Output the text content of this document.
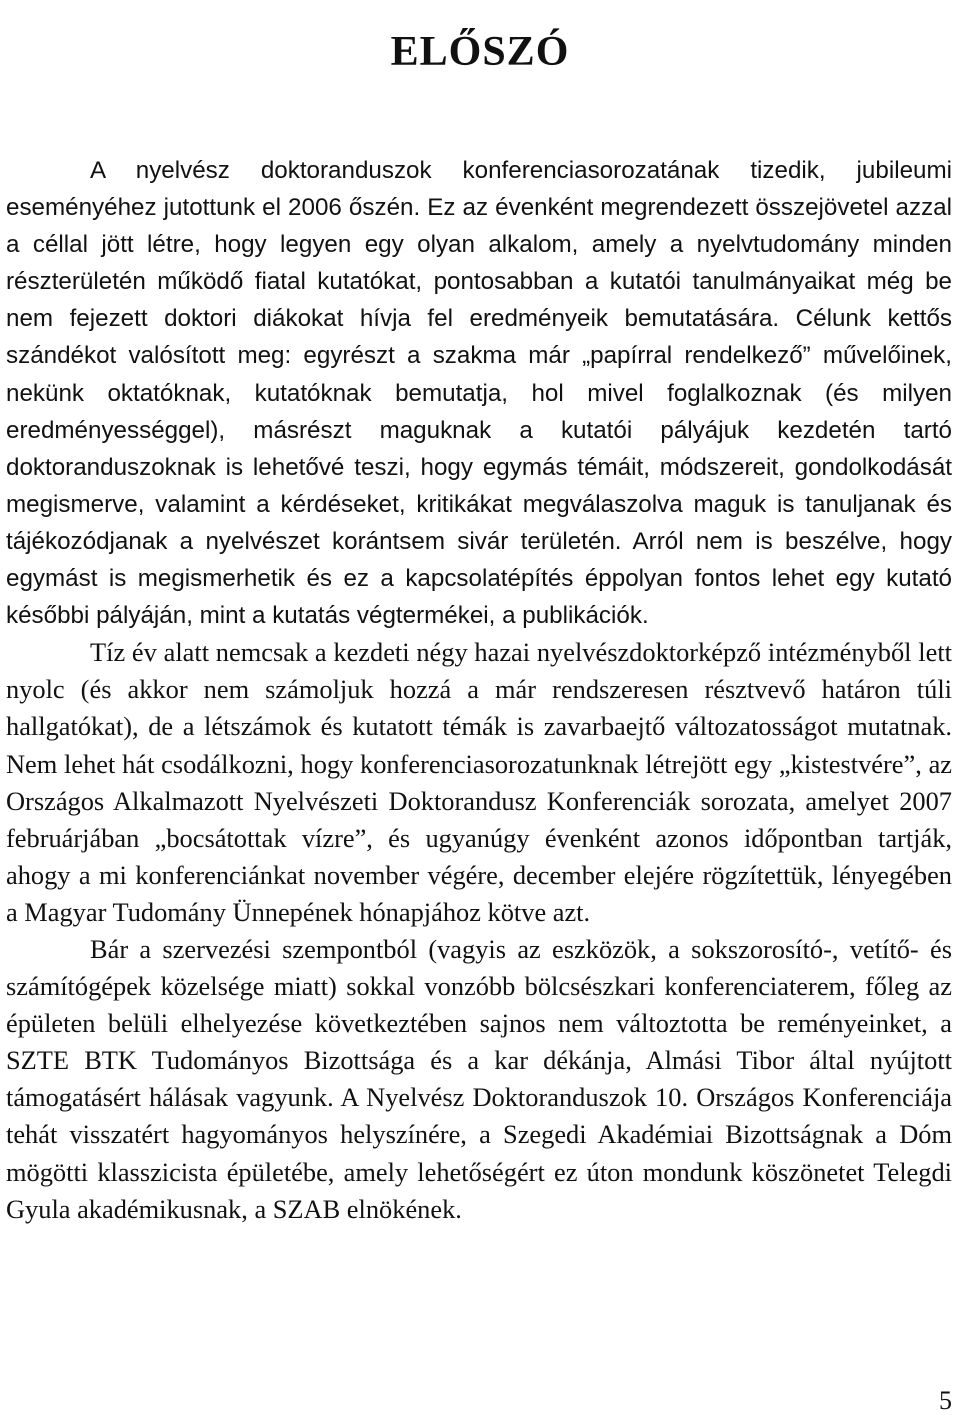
ELŐSZÓ

A nyelvész doktoranduszok konferenciasorozatának tizedik, jubileumi eseményéhez jutottunk el 2006 őszén. Ez az évenként megrendezett összejövetel azzal a céllal jött létre, hogy legyen egy olyan alkalom, amely a nyelvtudomány minden részterületén működő fiatal kutatókat, pontosabban a kutatói tanulmányaikat még be nem fejezett doktori diákokat hívja fel eredményeik bemutatására. Célunk kettős szándékot valósított meg: egyrészt a szakma már „papírral rendelkező” művelőinek, nekünk oktatóknak, kutatóknak bemutatja, hol mivel foglalkoznak (és milyen eredményességgel), másrészt maguknak a kutatói pályájuk kezdetén tartó doktoranduszoknak is lehetővé teszi, hogy egymás témáit, módszereit, gondolkodását megismerve, valamint a kérdéseket, kritikákat megválaszolva maguk is tanuljanak és tájékozódjanak a nyelvészet korántsem sivár területén. Arról nem is beszélve, hogy egymást is megismerhetik és ez a kapcsolatépítés éppolyan fontos lehet egy kutató későbbi pályáján, mint a kutatás végtermékei, a publikációk.

Tíz év alatt nemcsak a kezdeti négy hazai nyelvészdoktorképző intézményből lett nyolc (és akkor nem számoljuk hozzá a már rendszeresen résztvevő határon túli hallgatókat), de a létszámok és kutatott témák is zavarbaejtő változatosságot mutatnak. Nem lehet hát csodálkozni, hogy konferenciasorozatunknak létrejött egy „kistestvére”, az Országos Alkalmazott Nyelvészeti Doktorandusz Konferenciák sorozata, amelyet 2007 februárjában „bocsátottak vízre”, és ugyanúgy évenként azonos időpontban tartják, ahogy a mi konferenciánkat november végére, december elejére rögzítettük, lényegében a Magyar Tudomány Ünnepének hónapjához kötve azt.

Bár a szervezési szempontból (vagyis az eszközök, a sokszorosító-, vetítő- és számítógépek közelsége miatt) sokkal vonzóbb bölcsészkari konferenciaterem, főleg az épületen belüli elhelyezése következtében sajnos nem változtotta be reményeinket, a SZTE BTK Tudományos Bizottsága és a kar dékánja, Almási Tibor által nyújtott támogatásért hálásak vagyunk. A Nyelvész Doktoranduszok 10. Országos Konferenciája tehát visszatért hagyományos helyszínére, a Szegedi Akadémiai Bizottságnak a Dóm mögötti klasszicista épületébe, amely lehetőségért ez úton mondunk köszönetet Telegdi Gyula akadémikusnak, a SZAB elnökének.

5
